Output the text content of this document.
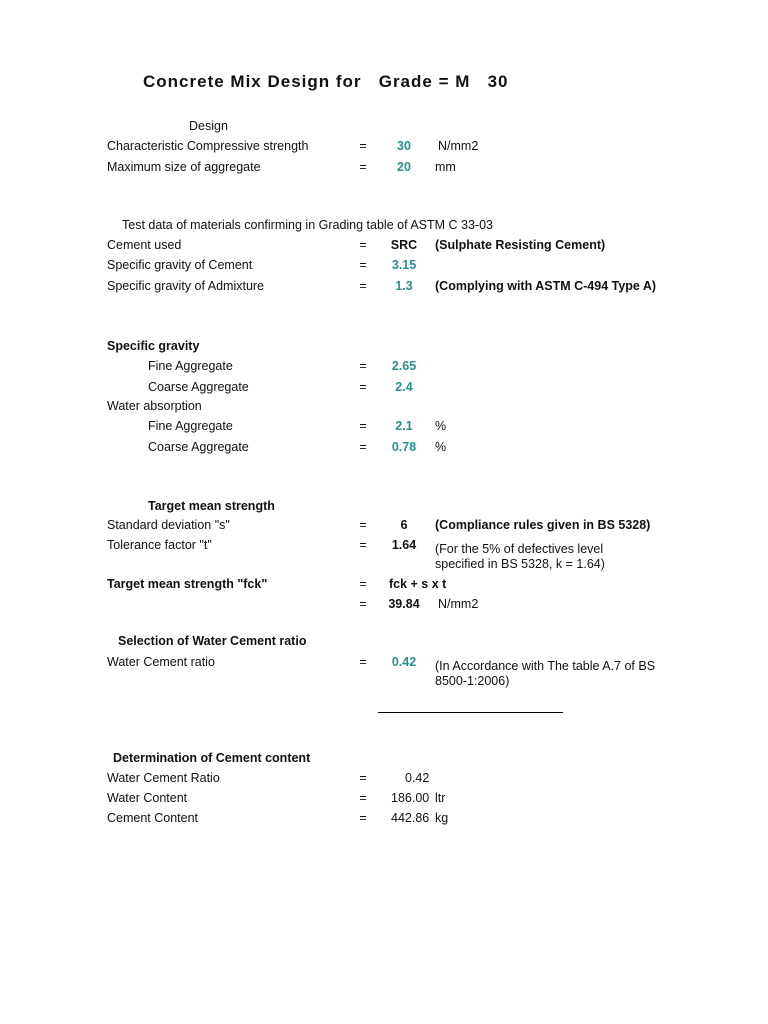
Concrete Mix Design for Grade = M 30
Design
Characteristic Compressive strength	=	30	N/mm2
Maximum size of aggregate	=	20	mm
Test data of materials confirming in Grading table of ASTM C 33-03
Cement used	=	SRC	(Sulphate Resisting Cement)
Specific gravity of Cement	=	3.15
Specific gravity of Admixture	=	1.3	(Complying with ASTM C-494 Type A)
Specific gravity
Fine Aggregate	=	2.65
Coarse Aggregate	=	2.4
Water absorption
Fine Aggregate	=	2.1	%
Coarse Aggregate	=	0.78	%
Target mean strength
Standard deviation "s"	=	6	(Compliance rules given in BS 5328)
Tolerance factor "t"	=	1.64	(For the 5% of defectives level specified in BS 5328, k = 1.64)
Target mean strength "fck"	= fck + s x t
=	39.84	N/mm2
Selection of Water Cement ratio
Water Cement ratio	=	0.42	(In Accordance with The table A.7 of BS 8500-1:2006)
Determination of Cement content
Water Cement Ratio	=	0.42
Water Content	= 186.00 ltr
Cement Content	= 442.86 kg
